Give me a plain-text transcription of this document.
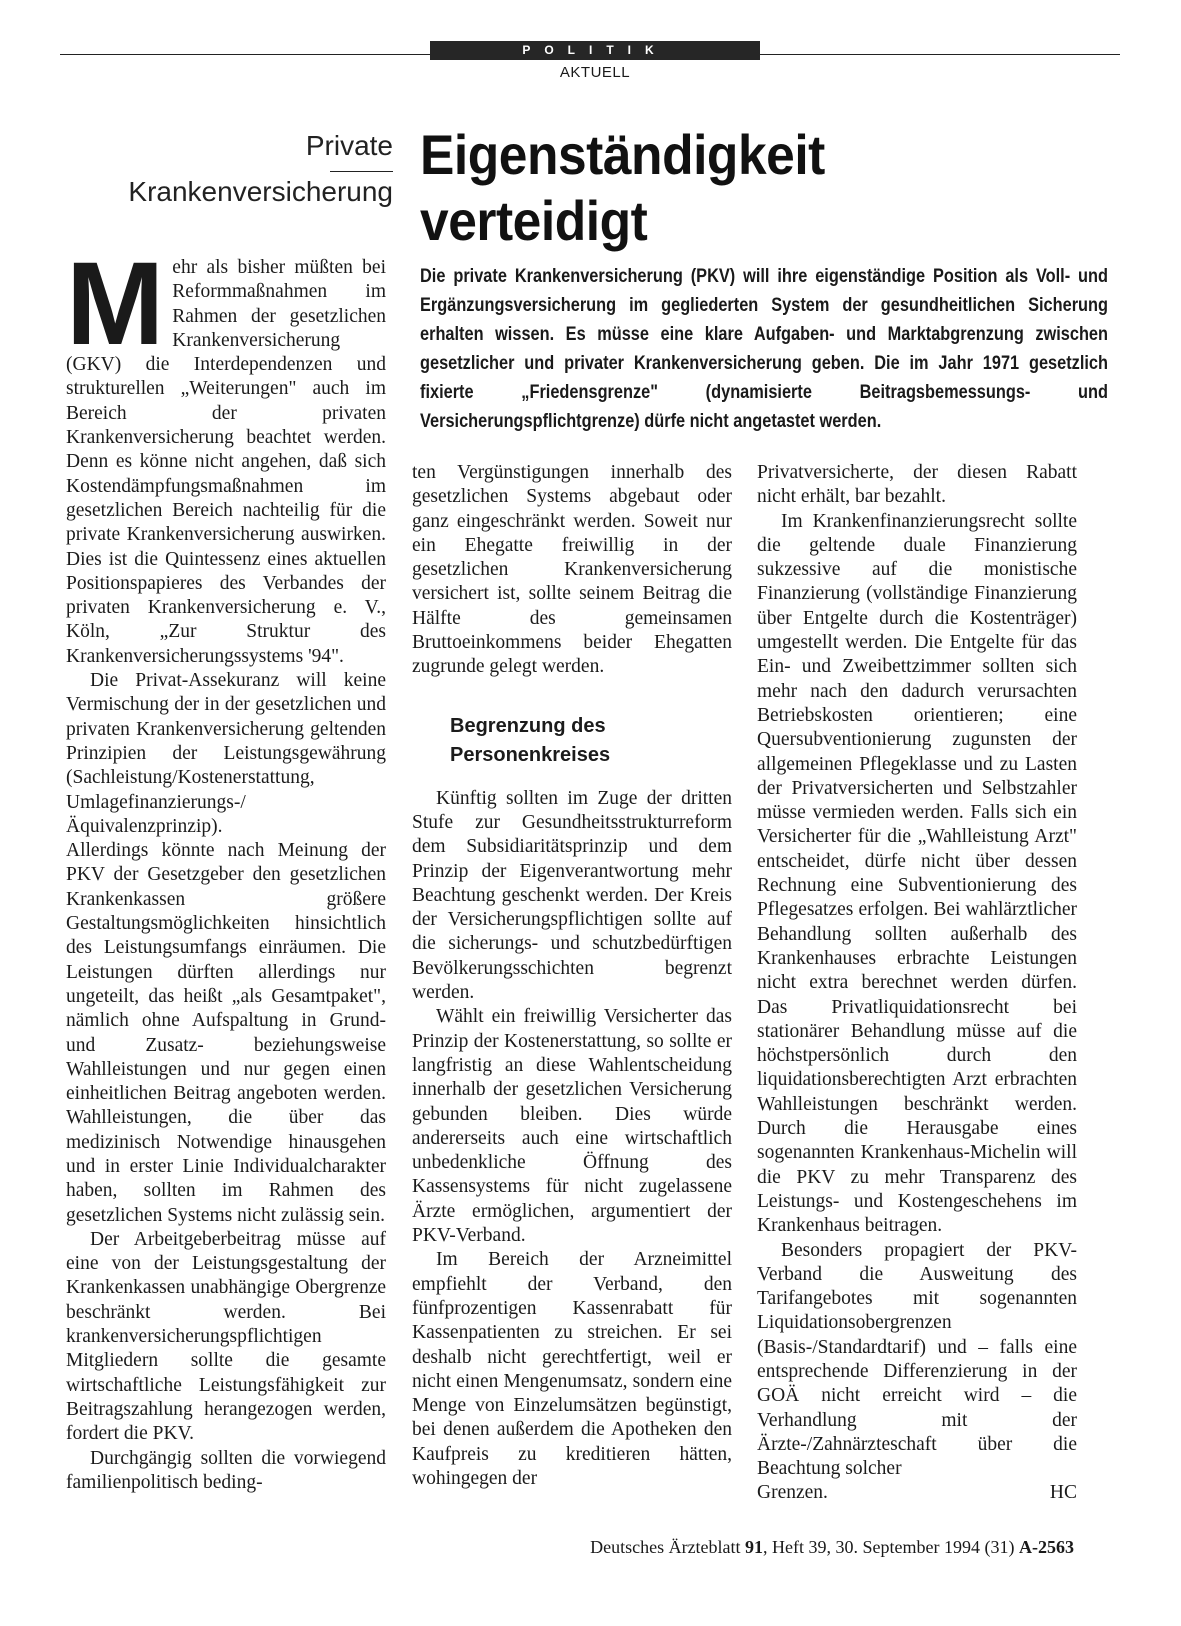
POLITIK
AKTUELL
Private
Krankenversicherung
Eigenständigkeit
verteidigt
Die private Krankenversicherung (PKV) will ihre eigenständige Position als Voll- und Ergänzungsversicherung im gegliederten System der gesundheitlichen Sicherung erhalten wissen. Es müsse eine klare Aufgaben- und Marktabgrenzung zwischen gesetzlicher und privater Krankenversicherung geben. Die im Jahr 1971 gesetzlich fixierte „Friedensgrenze" (dynamisierte Beitragsbemessungs- und Versicherungspflichtgrenze) dürfe nicht angetastet werden.

Mehr als bisher müßten bei Reformmaßnahmen im Rahmen der gesetzlichen Krankenversicherung (GKV) die Interdependenzen und strukturellen „Weiterungen" auch im Bereich der privaten Krankenversicherung beachtet werden. Denn es könne nicht angehen, daß sich Kostendämpfungsmaßnahmen im gesetzlichen Bereich nachteilig für die private Krankenversicherung auswirken. Dies ist die Quintessenz eines aktuellen Positionspapieres des Verbandes der privaten Krankenversicherung e. V., Köln, „Zur Struktur des Krankenversicherungssystems '94".

Die Privat-Assekuranz will keine Vermischung der in der gesetzlichen und privaten Krankenversicherung geltenden Prinzipien der Leistungsgewährung (Sachleistung/Kostenerstattung, Umlagefinanzierungs-/Äquivalenzprinzip).

Allerdings könnte nach Meinung der PKV der Gesetzgeber den gesetzlichen Krankenkassen größere Gestaltungsmöglichkeiten hinsichtlich des Leistungsumfangs einräumen. Die Leistungen dürften allerdings nur ungeteilt, das heißt „als Gesamtpaket", nämlich ohne Aufspaltung in Grund- und Zusatz- beziehungsweise Wahlleistungen und nur gegen einen einheitlichen Beitrag angeboten werden. Wahlleistungen, die über das medizinisch Notwendige hinausgehen und in erster Linie Individualcharakter haben, sollten im Rahmen des gesetzlichen Systems nicht zulässig sein.

Der Arbeitgeberbeitrag müsse auf eine von der Leistungsgestaltung der Krankenkassen unabhängige Obergrenze beschränkt werden. Bei krankenversicherungspflichtigen Mitgliedern sollte die gesamte wirtschaftliche Leistungsfähigkeit zur Beitragszahlung herangezogen werden, fordert die PKV.

Durchgängig sollten die vorwiegend familienpolitisch beding-

ten Vergünstigungen innerhalb des gesetzlichen Systems abgebaut oder ganz eingeschränkt werden. Soweit nur ein Ehegatte freiwillig in der gesetzlichen Krankenversicherung versichert ist, sollte seinem Beitrag die Hälfte des gemeinsamen Bruttoeinkommens beider Ehegatten zugrunde gelegt werden.

Begrenzung des
Personenkreises

Künftig sollten im Zuge der dritten Stufe zur Gesundheitsstrukturreform dem Subsidiaritätsprinzip und dem Prinzip der Eigenverantwortung mehr Beachtung geschenkt werden. Der Kreis der Versicherungspflichtigen sollte auf die sicherungs- und schutzbedürftigen Bevölkerungsschichten begrenzt werden.

Wählt ein freiwillig Versicherter das Prinzip der Kostenerstattung, so sollte er langfristig an diese Wahlentscheidung innerhalb der gesetzlichen Versicherung gebunden bleiben. Dies würde andererseits auch eine wirtschaftlich unbedenkliche Öffnung des Kassensystems für nicht zugelassene Ärzte ermöglichen, argumentiert der PKV-Verband.

Im Bereich der Arzneimittel empfiehlt der Verband, den fünfprozentigen Kassenrabatt für Kassenpatienten zu streichen. Er sei deshalb nicht gerechtfertigt, weil er nicht einen Mengenumsatz, sondern eine Menge von Einzelumsätzen begünstigt, bei denen außerdem die Apotheken den Kaufpreis zu kreditieren hätten, wohingegen der

Privatversicherte, der diesen Rabatt nicht erhält, bar bezahlt.

Im Krankenfinanzierungsrecht sollte die geltende duale Finanzierung sukzessive auf die monistische Finanzierung (vollständige Finanzierung über Entgelte durch die Kostenträger) umgestellt werden. Die Entgelte für das Ein- und Zweibettzimmer sollten sich mehr nach den dadurch verursachten Betriebskosten orientieren; eine Quersubventionierung zugunsten der allgemeinen Pflegeklasse und zu Lasten der Privatversicherten und Selbstzahler müsse vermieden werden. Falls sich ein Versicherter für die „Wahlleistung Arzt" entscheidet, dürfe nicht über dessen Rechnung eine Subventionierung des Pflegesatzes erfolgen. Bei wahlärztlicher Behandlung sollten außerhalb des Krankenhauses erbrachte Leistungen nicht extra berechnet werden dürfen. Das Privatliquidationsrecht bei stationärer Behandlung müsse auf die höchstpersönlich durch den liquidationsberechtigten Arzt erbrachten Wahlleistungen beschränkt werden. Durch die Herausgabe eines sogenannten Krankenhaus-Michelin will die PKV zu mehr Transparenz des Leistungs- und Kostengeschehens im Krankenhaus beitragen.

Besonders propagiert der PKV-Verband die Ausweitung des Tarifangebotes mit sogenannten Liquidationsobergrenzen (Basis-/Standardtarif) und – falls eine entsprechende Differenzierung in der GOÄ nicht erreicht wird – die Verhandlung mit der Ärzte-/Zahnärzteschaft über die Beachtung solcher

Grenzen.	HC
Deutsches Ärzteblatt 91, Heft 39, 30. September 1994 (31) A-2563
